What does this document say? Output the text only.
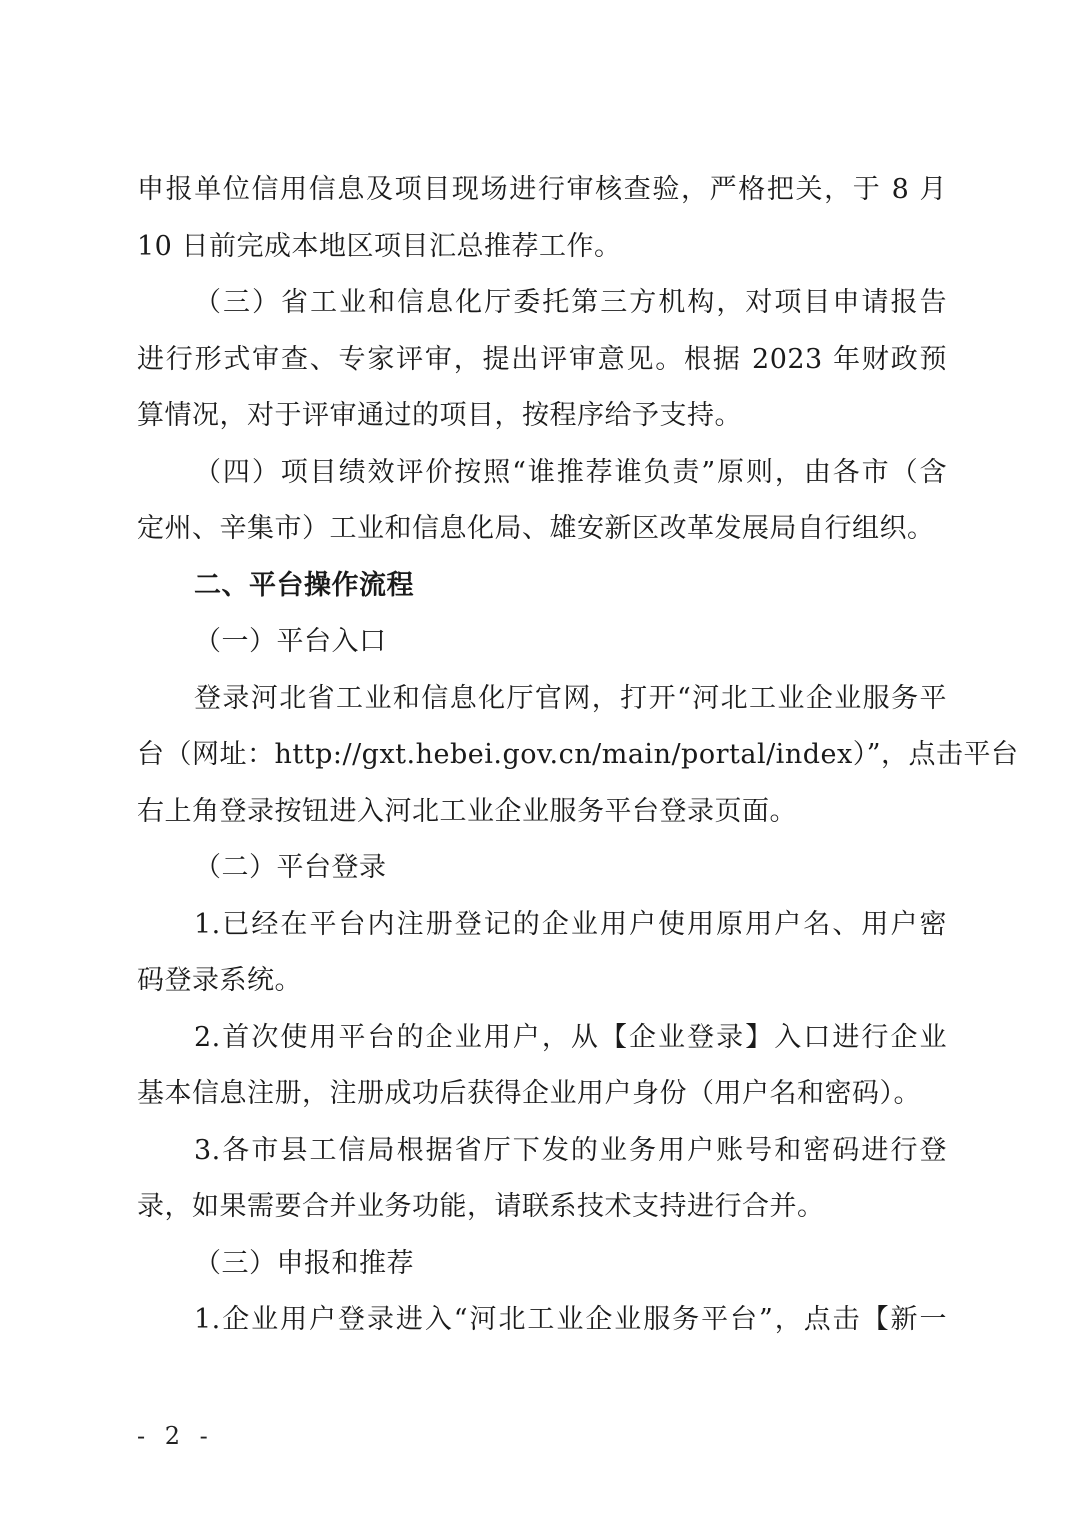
申报单位信用信息及项目现场进行审核查验，严格把关，于 8 月
10 日前完成本地区项目汇总推荐工作。
（三）省工业和信息化厅委托第三方机构，对项目申请报告
进行形式审查、专家评审，提出评审意见。根据 2023 年财政预
算情况，对于评审通过的项目，按程序给予支持。
（四）项目绩效评价按照“谁推荐谁负责”原则，由各市（含
定州、辛集市）工业和信息化局、雄安新区改革发展局自行组织。
二、平台操作流程
（一）平台入口
登录河北省工业和信息化厅官网，打开“河北工业企业服务平
台（网址：http://gxt.hebei.gov.cn/main/portal/index）”，点击平台
右上角登录按钮进入河北工业企业服务平台登录页面。
（二）平台登录
1.已经在平台内注册登记的企业用户使用原用户名、用户密
码登录系统。
2.首次使用平台的企业用户，从【企业登录】入口进行企业
基本信息注册，注册成功后获得企业用户身份（用户名和密码）。
3.各市县工信局根据省厅下发的业务用户账号和密码进行登
录，如果需要合并业务功能，请联系技术支持进行合并。
（三）申报和推荐
1.企业用户登录进入“河北工业企业服务平台”，点击【新一
- 2 -
